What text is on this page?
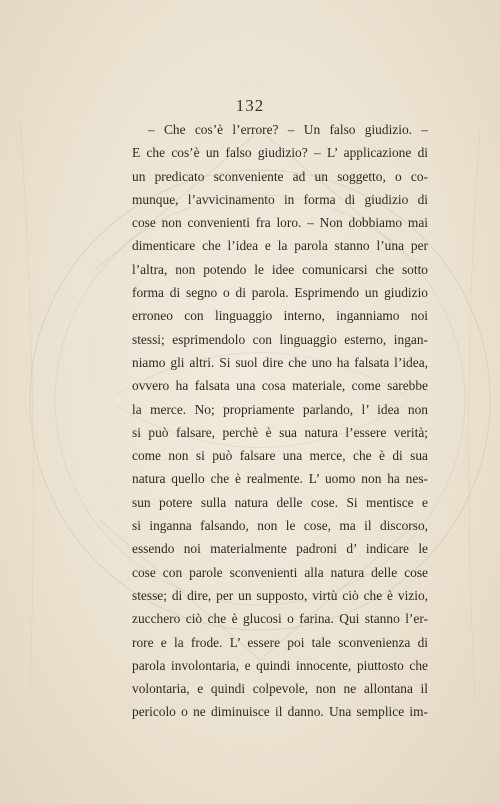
132
– Che cos’è l’errore? – Un falso giudizio. –
E che cos’è un falso giudizio? – L’ applicazione di
un predicato sconveniente ad un soggetto, o co-
munque, l’avvicinamento in forma di giudizio di
cose non convenienti fra loro. – Non dobbiamo mai
dimenticare che l’idea e la parola stanno l’una per
l’altra, non potendo le idee comunicarsi che sotto
forma di segno o di parola. Esprimendo un giudizio
erroneo con linguaggio interno, inganniamo noi
stessi; esprimendolo con linguaggio esterno, ingan-
niamo gli altri. Si suol dire che uno ha falsata l’idea,
ovvero ha falsata una cosa materiale, come sarebbe
la merce. No; propriamente parlando, l’ idea non
si può falsare, perchè è sua natura l’essere verità;
come non si può falsare una merce, che è di sua
natura quello che è realmente. L’ uomo non ha nes-
sun potere sulla natura delle cose. Si mentisce e
si inganna falsando, non le cose, ma il discorso,
essendo noi materialmente padroni d’ indicare le
cose con parole sconvenienti alla natura delle cose
stesse; di dire, per un supposto, virtù ciò che è vizio,
zucchero ciò che è glucosi o farina. Qui stanno l’er-
rore e la frode. L’ essere poi tale sconvenienza di
parola involontaria, e quindi innocente, piuttosto che
volontaria, e quindi colpevole, non ne allontana il
pericolo o ne diminuisce il danno. Una semplice im-
